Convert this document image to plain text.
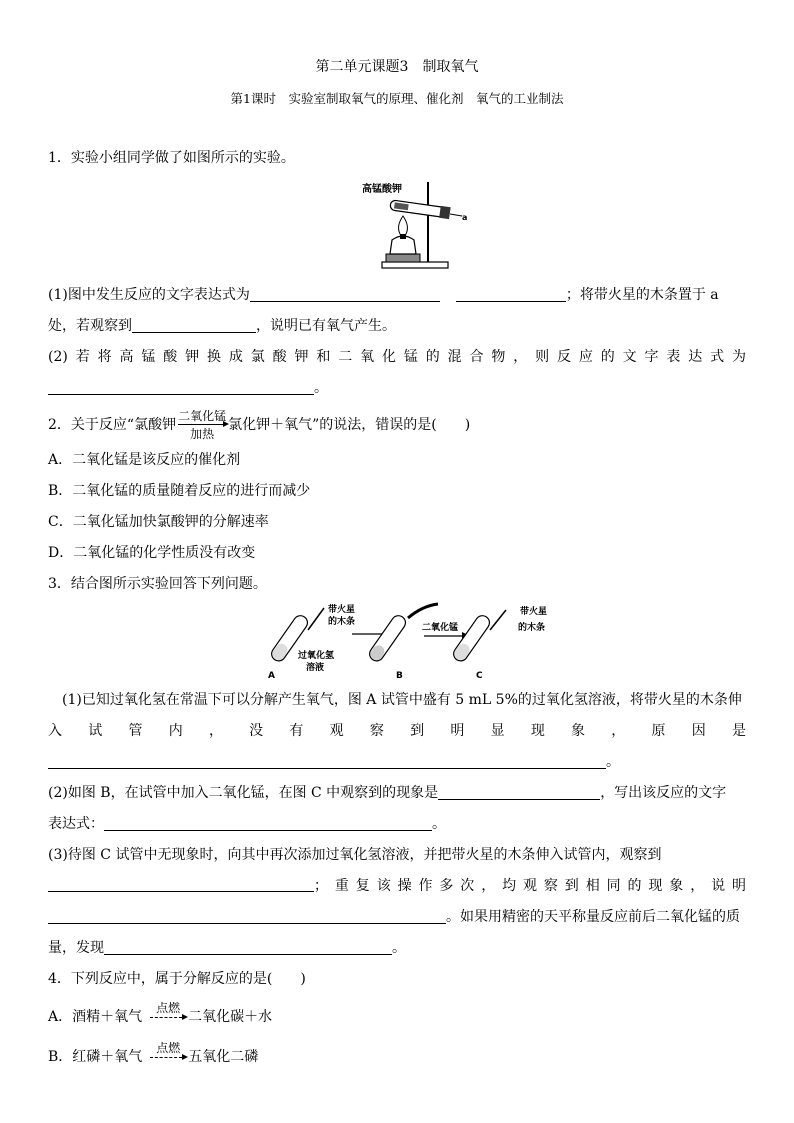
第二单元课题3　制取氧气
第1课时　实验室制取氧气的原理、催化剂　氧气的工业制法
1．实验小组同学做了如图所示的实验。
高锰酸钾
a
(1)图中发生反应的文字表达式为	；将带火星的木条置于 a
处，若观察到	，说明已有氧气产生。
(2)若将高锰酸钾换成氯酸钾和二氧化锰的混合物，则反应的文字表达式为
。
2．关于反应“氯酸钾
二氧化锰
加热
氯化钾＋氧气”的说法，错误的是(　　)
A．二氧化锰是该反应的催化剂
B．二氧化锰的质量随着反应的进行而减少
C．二氧化锰加快氯酸钾的分解速率
D．二氧化锰的化学性质没有改变
3．结合图所示实验回答下列问题。
带火星
的木条
过氧化氢
溶液
A	B
二氧化锰
带火星
的木条
C
(1)已知过氧化氢在常温下可以分解产生氧气，图 A 试管中盛有 5 mL 5%的过氧化氢溶液，将带火星的木条伸
入试管内，没有观察到明显现象，原因是
。
(2)如图 B，在试管中加入二氧化锰，在图 C 中观察到的现象是	，写出该反应的文字
表达式：	。
(3)待图 C 试管中无现象时，向其中再次添加过氧化氢溶液，并把带火星的木条伸入试管内，观察到
；重复该操作多次，均观察到相同的现象，说明
。如果用精密的天平称量反应前后二氧化锰的质
量，发现	。
4．下列反应中，属于分解反应的是(　　)
A．酒精＋氧气
点燃
二氧化碳＋水
B．红磷＋氧气
点燃
五氧化二磷
